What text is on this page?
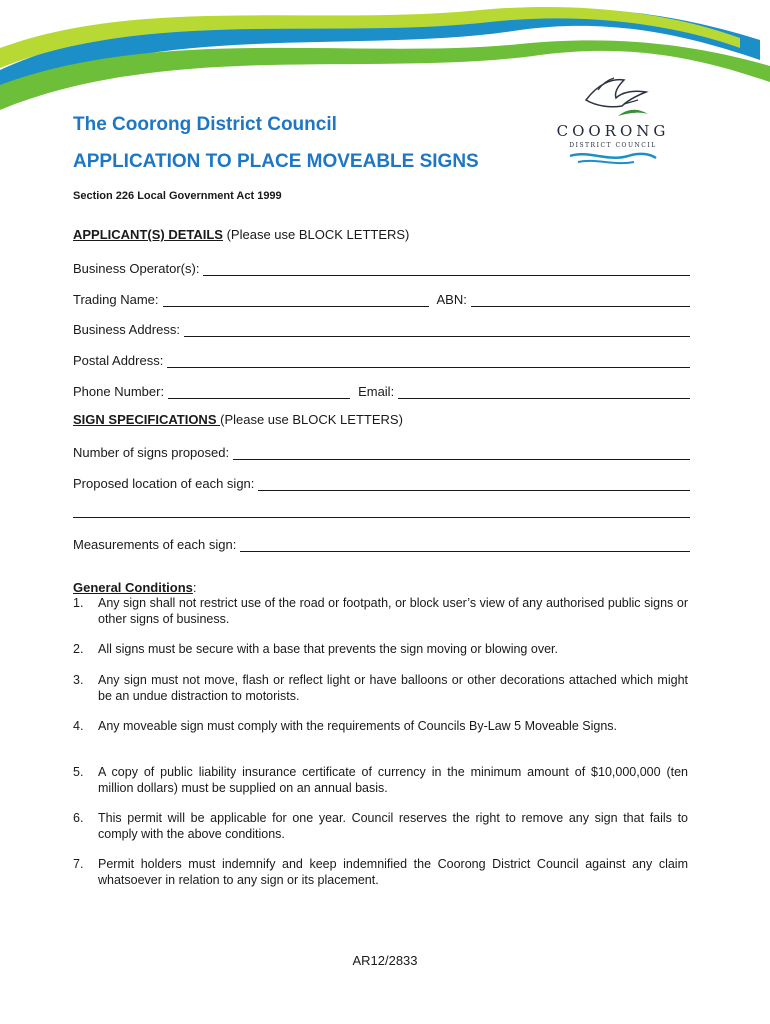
COORONG
DISTRICT COUNCIL
The Coorong District Council
APPLICATION TO PLACE MOVEABLE SIGNS
Section 226 Local Government Act 1999
APPLICANT(S) DETAILS (Please use BLOCK LETTERS)
Business Operator(s):
Trading Name:	ABN:
Business Address:
Postal Address:
Phone Number:	Email:
SIGN SPECIFICATIONS (Please use BLOCK LETTERS)
Number of signs proposed:
Proposed location of each sign:
Measurements of each sign:
General Conditions:
1.	Any sign shall not restrict use of the road or footpath, or block user’s view of any authorised public signs or other signs of business.
2.	All signs must be secure with a base that prevents the sign moving or blowing over.
3.	Any sign must not move, flash or reflect light or have balloons or other decorations attached which might be an undue distraction to motorists.
4.	Any moveable sign must comply with the requirements of Councils By-Law 5 Moveable Signs.
5.	A copy of public liability insurance certificate of currency in the minimum amount of $10,000,000 (ten million dollars) must be supplied on an annual basis.
6.	This permit will be applicable for one year. Council reserves the right to remove any sign that fails to comply with the above conditions.
7.	Permit holders must indemnify and keep indemnified the Coorong District Council against any claim whatsoever in relation to any sign or its placement.
AR12/2833
